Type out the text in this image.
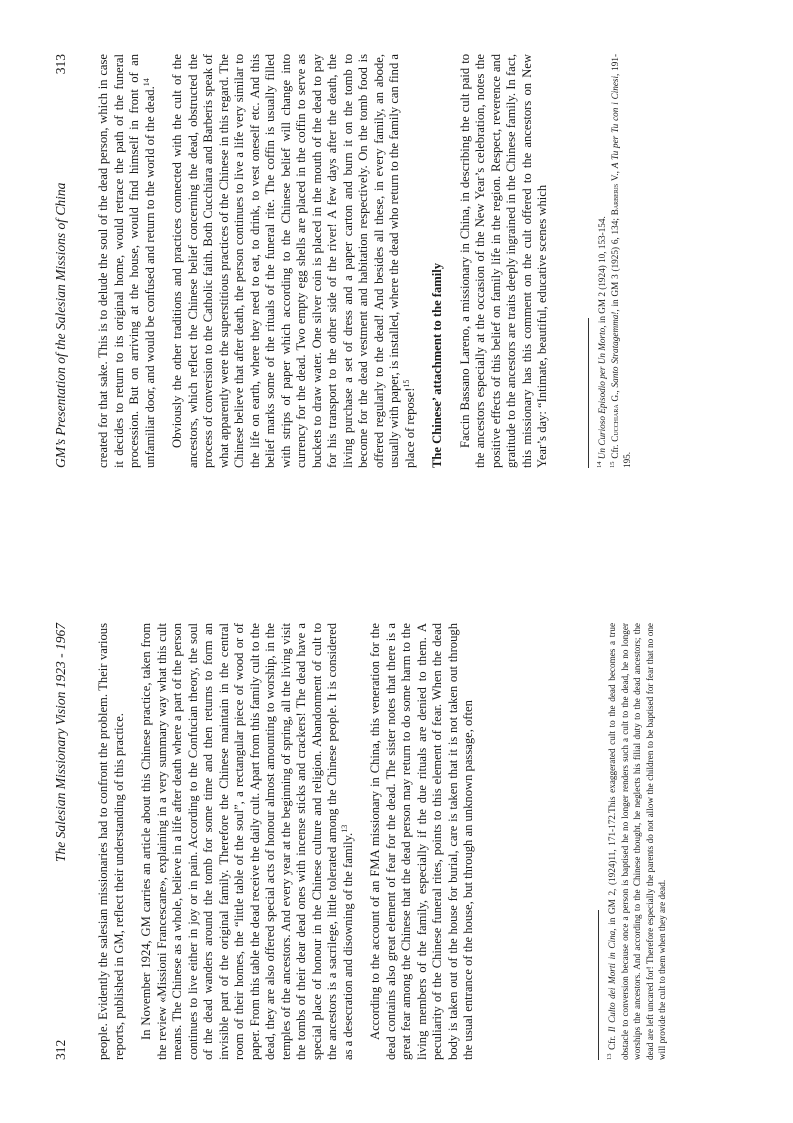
312
The Salesian Missionary Vision 1923 - 1967 people. Evidently the salesian missionaries had to confront the problem. Their various reports, published in GM, reflect their understanding of this practice. In November 1924, GM carries an article about this Chinese practice, taken from the review «Missioni Francescane», explaining in a very summary way what this cult means. The Chinese as a whole, believe in a life after death where a part of the person continues to live either in joy or in pain. According to the Confucian theory, the soul of the dead wanders around the tomb for some time and then returns to form an invisible part of the original family. Therefore the Chinese maintain in the central room of their homes, the “little table of the soul”, a rectangular piece of wood or of paper. From this table the dead receive the daily cult. Apart from this family cult to the dead, they are also offered special acts of honour almost amounting to worship, in the temples of the ancestors. And every year at the beginning of spring, all the living visit the tombs of their dear dead ones with incense sticks and crackers! The dead have a special place of honour in the Chinese culture and religion. Abandonment of cult to the ancestors is a sacrilege, little tolerated among the Chinese people. It is considered as a desecration and disowning of the family.$^{13}$	According to the account of an FMA missionary in China, this veneration for the dead contains also great element of fear for the dead. The sister notes that there is a great fear among the Chinese that the dead person may return to do some harm to the living members of the family, especially if the due rituals are denied to them. A peculiarity of the Chinese funeral rites, points to this element of fear. When the dead body is taken out of the house for burial, care is taken that it is not taken out through the usual entrance of the house, but through an unknown passage, often	$^{13}$ Cfr. Il Culto dei Morti in Cina, in GM 2, (1924)11, 171-172.This exaggerated cult to the dead becomes a true obstacle to conversion because once a person is baptised he no longer renders such a cult to the dead, he no longer worships the ancestors. And according to the Chinese thought, he neglects his filial duty to the dead ancestors; the dead are left uncared for! Therefore especially the parents do not allow the children to be baptised for fear that no one will provide the cult to them when they are dead.

GM’s Presentation of the Salesian Missions of China
313 created for that sake. This is to delude the soul of the dead person, which in case it decides to return to its original home, would retrace the path of the funeral procession. But on arriving at the house, would find himself in front of an unfamiliar door, and would be confused and return to the world of the dead.$^{14}$	Obviously the other traditions and practices connected with the cult of the ancestors, which reflect the Chinese belief concerning the dead, obstructed the process of conversion to the Catholic faith. Both Cucchiara and Barberis speak of what apparently were the superstitious practices of the Chinese in this regard. The Chinese believe that after death, the person continues to live a life very similar to the life on earth, where they need to eat, to drink, to vest oneself etc. And this belief marks some of the rituals of the funeral rite. The coffin is usually filled with strips of paper which according to the Chinese belief will change into currency for the dead. Two empty egg shells are placed in the coffin to serve as buckets to draw water. One silver coin is placed in the mouth of the dead to pay for his transport to the other side of the river! A few days after the death, the living purchase a set of dress and a paper carton and burn it on the tomb to become for the dead vestment and habitation respectively. On the tomb food is offered regularly to the dead! And besides all these, in every family, an abode, usually with paper, is installed, where the dead who return to the family can find a place of repose!$^{15}$	The Chinese’ attachment to the family Faccin Bassano Lareno, a missionary in China, in describing the cult paid to the ancestors especially at the occasion of the New Year’s celebration, notes the positive effects of this belief on family life in the region. Respect, reverence and gratitude to the ancestors are traits deeply ingrained in the Chinese family. In fact, this missionary has this comment on the cult offered to the ancestors on New Year’s day: “Intimate, beautiful, educative scenes which	$^{14}$ Un Curioso Episodio per Un Morto, in GM 2 (1924) 10, 153-154.

$^{15}$ Cfr. Cucchiara G., Santo Stratagemma!, in GM 3 (1925) 6, 134; Barberis V., A Tu per Tu con i Cinesi, 191-195.
